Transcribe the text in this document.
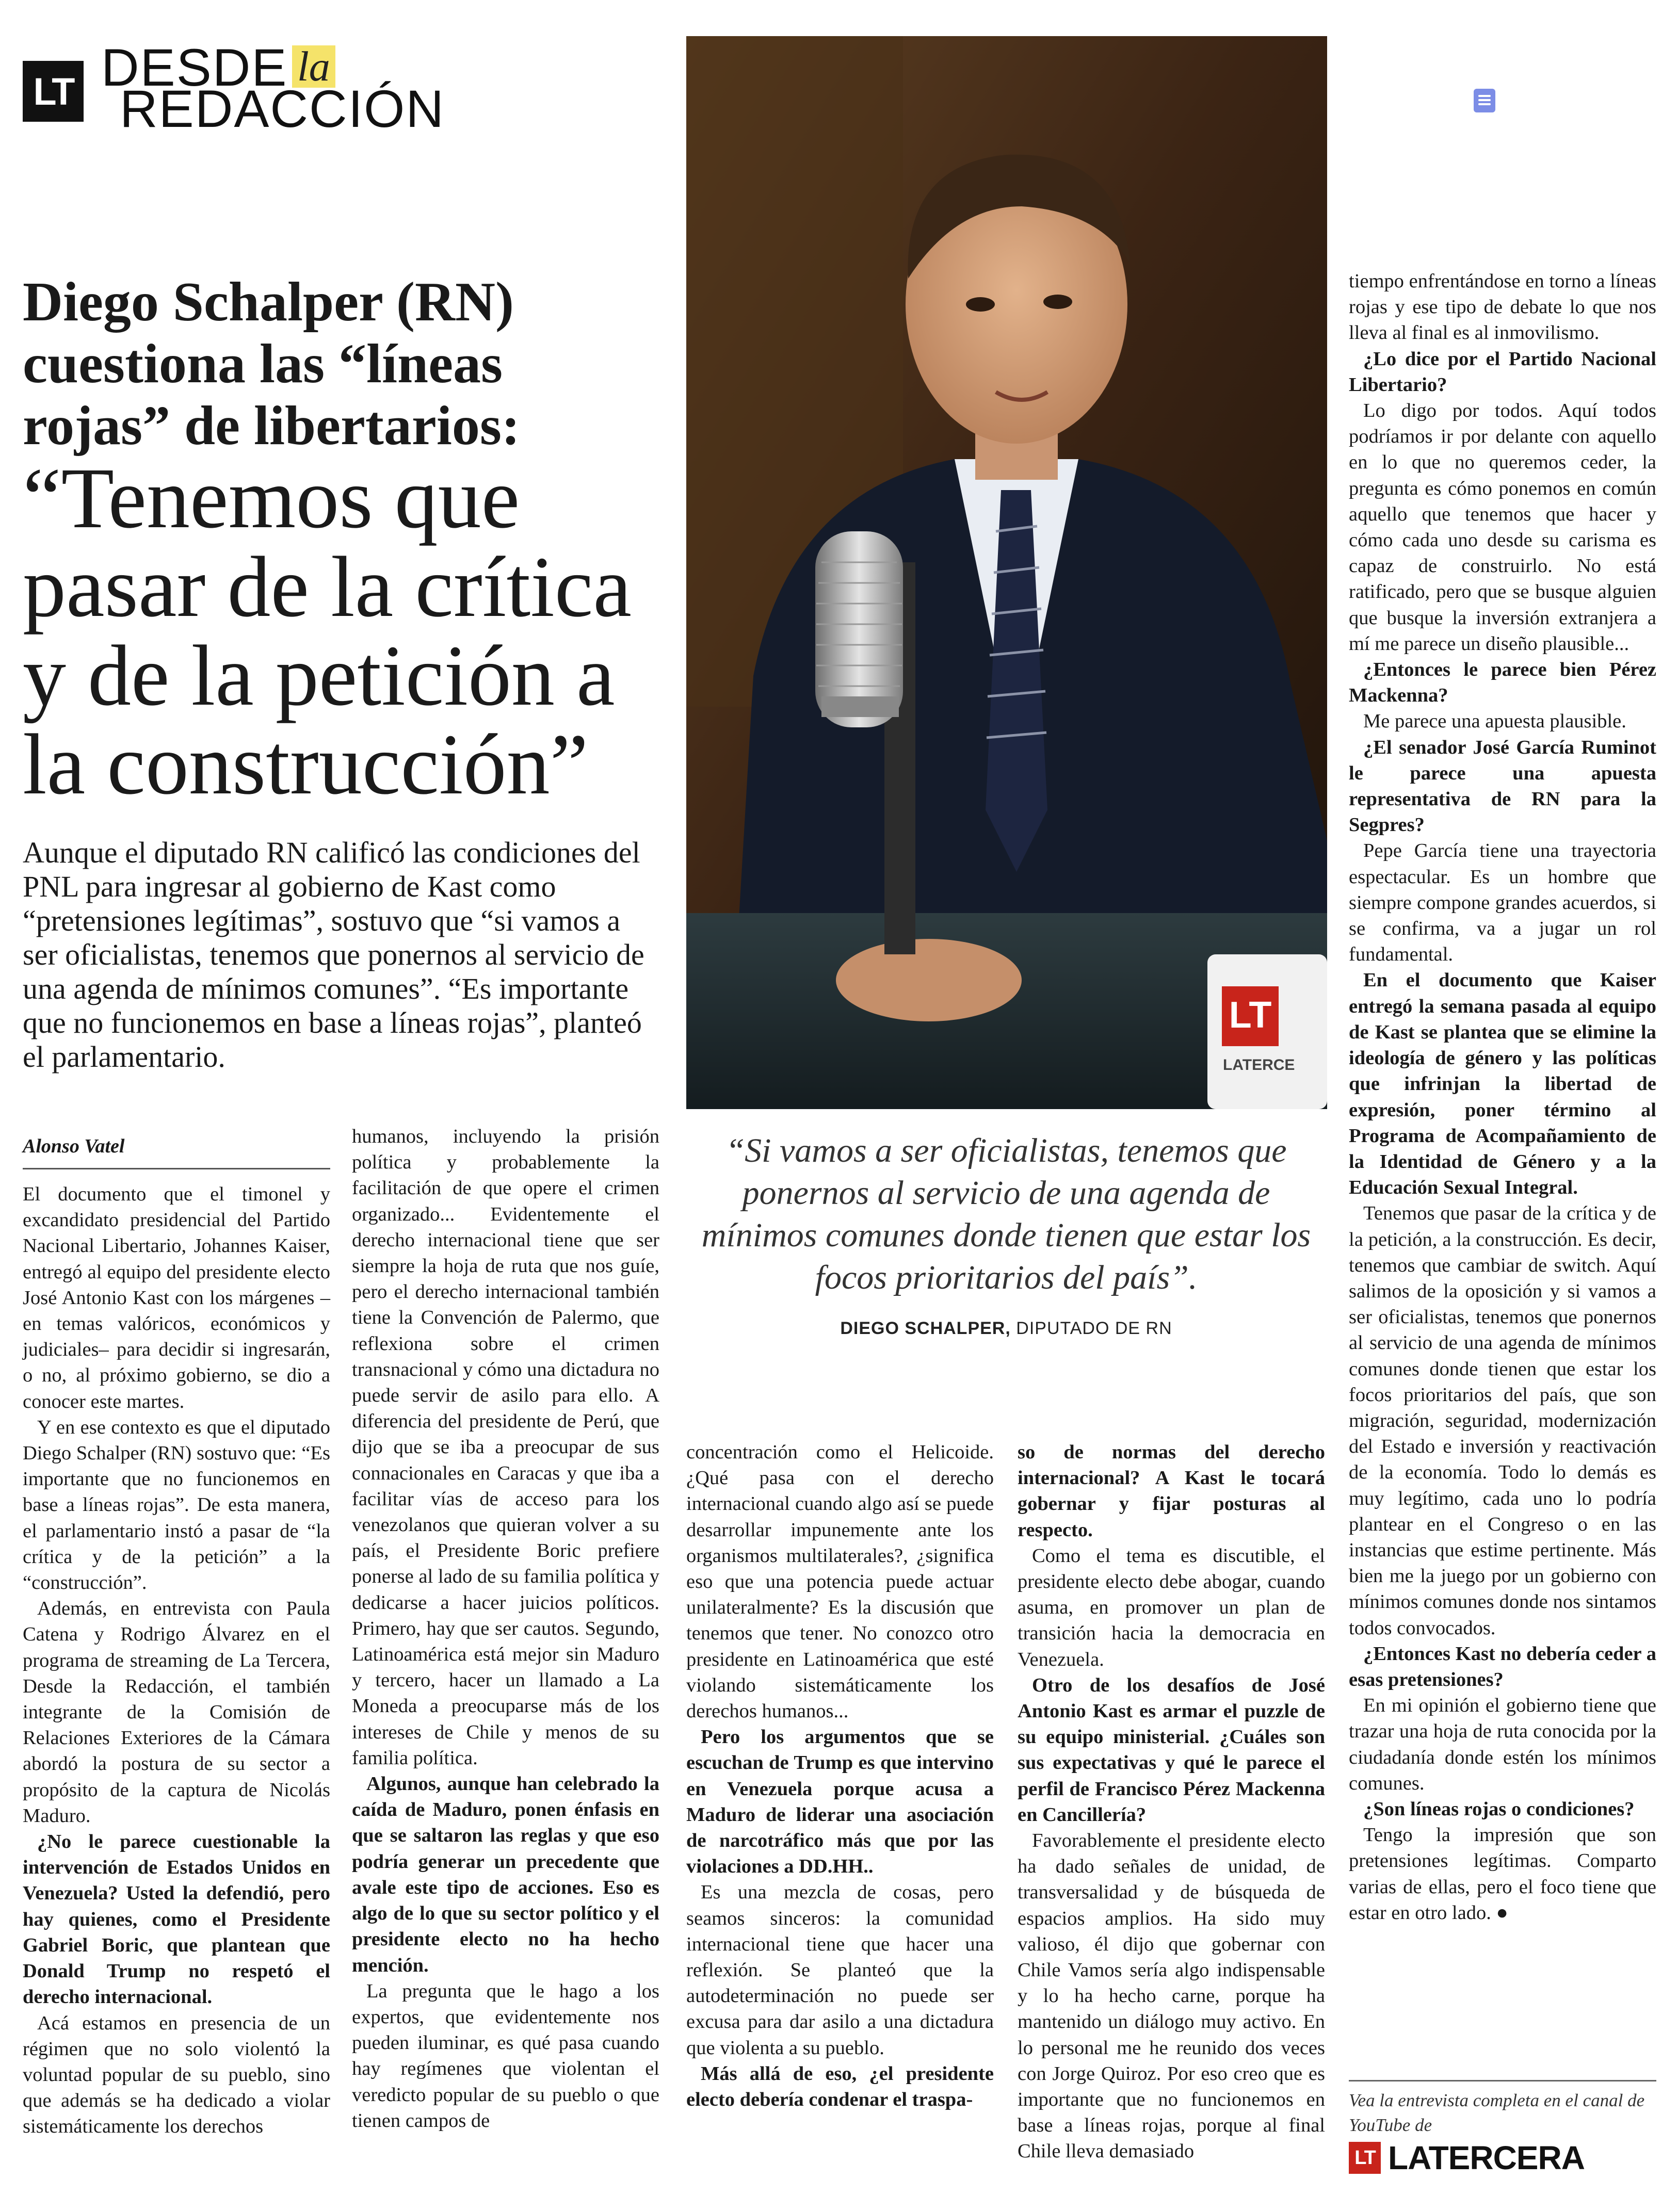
LT DESDE la
REDACCIÓN
Diego Schalper (RN) cuestiona las “líneas rojas” de libertarios:
“Tenemos que pasar de la crítica y de la petición a la construcción”
Aunque el diputado RN calificó las condiciones del PNL para ingresar al gobierno de Kast como “pretensiones legítimas”, sostuvo que “si vamos a ser oficialistas, tenemos que ponernos al servicio de una agenda de mínimos comunes”. “Es importante que no funcionemos en base a líneas rojas”, planteó el parlamentario.
LT
LATERCE
“Si vamos a ser oficialistas, tenemos que ponernos al servicio de una agenda de mínimos comunes donde tienen que estar los focos prioritarios del país”.
DIEGO SCHALPER, DIPUTADO DE RN
Alonso Vatel

El documento que el timonel y excandidato presidencial del Partido Nacional Libertario, Johannes Kaiser, entregó al equipo del presidente electo José Antonio Kast con los márgenes –en temas valóricos, económicos y judiciales– para decidir si ingresarán, o no, al próximo gobierno, se dio a conocer este martes.

Y en ese contexto es que el diputado Diego Schalper (RN) sostuvo que: “Es importante que no funcionemos en base a líneas rojas”. De esta manera, el parlamentario instó a pasar de “la crítica y de la petición” a la “construcción”.

Además, en entrevista con Paula Catena y Rodrigo Álvarez en el programa de streaming de La Tercera, Desde la Redacción, el también integrante de la Comisión de Relaciones Exteriores de la Cámara abordó la postura de su sector a propósito de la captura de Nicolás Maduro.

¿No le parece cuestionable la intervención de Estados Unidos en Venezuela? Usted la defendió, pero hay quienes, como el Presidente Gabriel Boric, que plantean que Donald Trump no respetó el derecho internacional.

Acá estamos en presencia de un régimen que no solo violentó la voluntad popular de su pueblo, sino que además se ha dedicado a violar sistemáticamente los derechos

humanos, incluyendo la prisión política y probablemente la facilitación de que opere el crimen organizado... Evidentemente el derecho internacional tiene que ser siempre la hoja de ruta que nos guíe, pero el derecho internacional también tiene la Convención de Palermo, que reflexiona sobre el crimen transnacional y cómo una dictadura no puede servir de asilo para ello. A diferencia del presidente de Perú, que dijo que se iba a preocupar de sus connacionales en Caracas y que iba a facilitar vías de acceso para los venezolanos que quieran volver a su país, el Presidente Boric prefiere ponerse al lado de su familia política y dedicarse a hacer juicios políticos. Primero, hay que ser cautos. Segundo, Latinoamérica está mejor sin Maduro y tercero, hacer un llamado a La Moneda a preocuparse más de los intereses de Chile y menos de su familia política.

Algunos, aunque han celebrado la caída de Maduro, ponen énfasis en que se saltaron las reglas y que eso podría generar un precedente que avale este tipo de acciones. Eso es algo de lo que su sector político y el presidente electo no ha hecho mención.

La pregunta que le hago a los expertos, que evidentemente nos pueden iluminar, es qué pasa cuando hay regímenes que violentan el veredicto popular de su pueblo o que tienen campos de

concentración como el Helicoide. ¿Qué pasa con el derecho internacional cuando algo así se puede desarrollar impunemente ante los organismos multilaterales?, ¿significa eso que una potencia puede actuar unilateralmente? Es la discusión que tenemos que tener. No conozco otro presidente en Latinoamérica que esté violando sistemáticamente los derechos humanos...

Pero los argumentos que se escuchan de Trump es que intervino en Venezuela porque acusa a Maduro de liderar una asociación de narcotráfico más que por las violaciones a DD.HH..

Es una mezcla de cosas, pero seamos sinceros: la comunidad internacional tiene que hacer una reflexión. Se planteó que la autodeterminación no puede ser excusa para dar asilo a una dictadura que violenta a su pueblo.

Más allá de eso, ¿el presidente electo debería condenar el traspa-

so de normas del derecho internacional? A Kast le tocará gobernar y fijar posturas al respecto.

Como el tema es discutible, el presidente electo debe abogar, cuando asuma, en promover un plan de transición hacia la democracia en Venezuela.

Otro de los desafíos de José Antonio Kast es armar el puzzle de su equipo ministerial. ¿Cuáles son sus expectativas y qué le parece el perfil de Francisco Pérez Mackenna en Cancillería?

Favorablemente el presidente electo ha dado señales de unidad, de transversalidad y de búsqueda de espacios amplios. Ha sido muy valioso, él dijo que gobernar con Chile Vamos sería algo indispensable y lo ha hecho carne, porque ha mantenido un diálogo muy activo. En lo personal me he reunido dos veces con Jorge Quiroz. Por eso creo que es importante que no funcionemos en base a líneas rojas, porque al final Chile lleva demasiado

tiempo enfrentándose en torno a líneas rojas y ese tipo de debate lo que nos lleva al final es al inmovilismo.

¿Lo dice por el Partido Nacional Libertario?

Lo digo por todos. Aquí todos podríamos ir por delante con aquello en lo que no queremos ceder, la pregunta es cómo ponemos en común aquello que tenemos que hacer y cómo cada uno desde su carisma es capaz de construirlo. No está ratificado, pero que se busque alguien que busque la inversión extranjera a mí me parece un diseño plausible...

¿Entonces le parece bien Pérez Mackenna?

Me parece una apuesta plausible.

¿El senador José García Ruminot le parece una apuesta representativa de RN para la Segpres?

Pepe García tiene una trayectoria espectacular. Es un hombre que siempre compone grandes acuerdos, si se confirma, va a jugar un rol fundamental.

En el documento que Kaiser entregó la semana pasada al equipo de Kast se plantea que se elimine la ideología de género y las políticas que infrinjan la libertad de expresión, poner término al Programa de Acompañamiento de la Identidad de Género y a la Educación Sexual Integral.

Tenemos que pasar de la crítica y de la petición, a la construcción. Es decir, tenemos que cambiar de switch. Aquí salimos de la oposición y si vamos a ser oficialistas, tenemos que ponernos al servicio de una agenda de mínimos comunes donde tienen que estar los focos prioritarios del país, que son migración, seguridad, modernización del Estado e inversión y reactivación de la economía. Todo lo demás es muy legítimo, cada uno lo podría plantear en el Congreso o en las instancias que estime pertinente. Más bien me la juego por un gobierno con mínimos comunes donde nos sintamos todos convocados.

¿Entonces Kast no debería ceder a esas pretensiones?

En mi opinión el gobierno tiene que trazar una hoja de ruta conocida por la ciudadanía donde estén los mínimos comunes.

¿Son líneas rojas o condiciones?

Tengo la impresión que son pretensiones legítimas. Comparto varias de ellas, pero el foco tiene que estar en otro lado. ●

Vea la entrevista completa en el canal de YouTube de
LT LATERCERA
